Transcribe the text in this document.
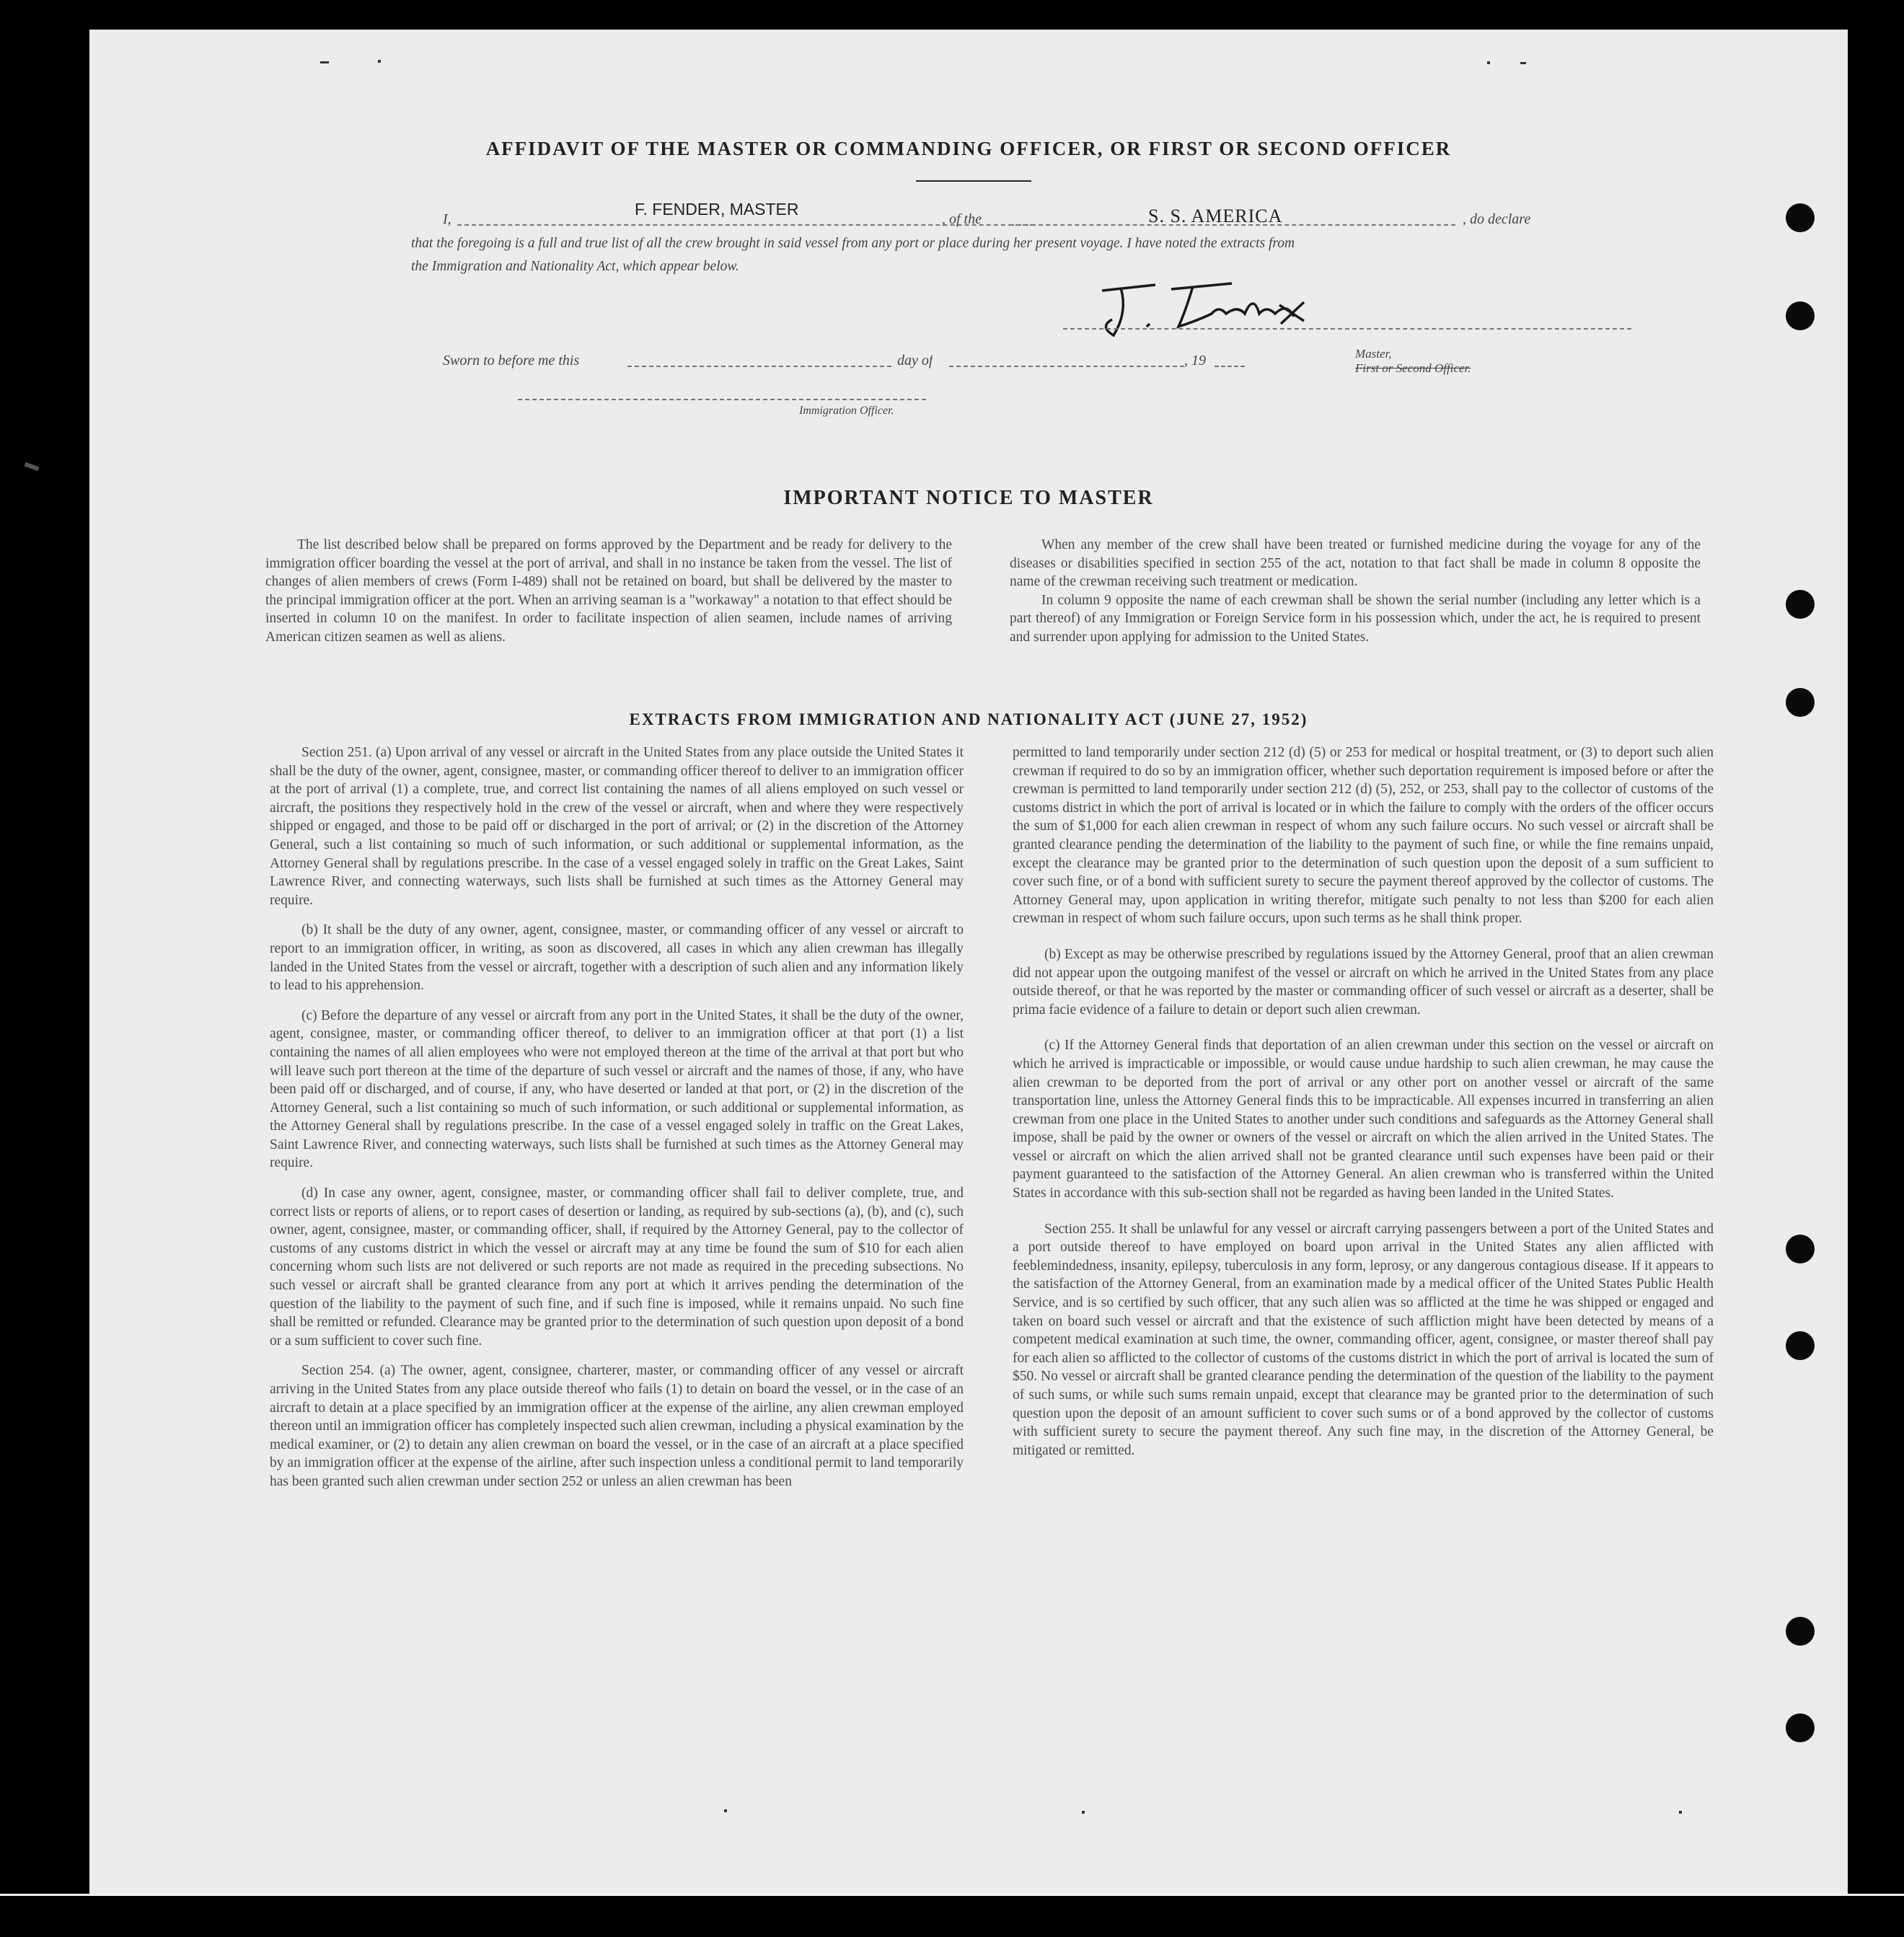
AFFIDAVIT OF THE MASTER OR COMMANDING OFFICER, OR FIRST OR SECOND OFFICER
I,
F. FENDER, MASTER
, of the	S. S. AMERICA	, do declare
that the foregoing is a full and true list of all the crew brought in said vessel from any port or place during her present voyage. I have noted the extracts from
the Immigration and Nationality Act, which appear below.

Master,
First or Second Officer.

Sworn to before me this	day of	, 19
Immigration Officer.
IMPORTANT NOTICE TO MASTER

The list described below shall be prepared on forms approved by the Department and be ready for delivery to the immigration officer boarding the vessel at the port of arrival, and shall in no instance be taken from the vessel. The list of changes of alien members of crews (Form I-489) shall not be retained on board, but shall be delivered by the master to the principal immigration officer at the port. When an arriving seaman is a "workaway" a notation to that effect should be inserted in column 10 on the manifest. In order to facilitate inspection of alien seamen, include names of arriving American citizen seamen as well as aliens.

When any member of the crew shall have been treated or furnished medicine during the voyage for any of the diseases or disabilities specified in section 255 of the act, notation to that fact shall be made in column 8 opposite the name of the crewman receiving such treatment or medication.

In column 9 opposite the name of each crewman shall be shown the serial number (including any letter which is a part thereof) of any Immigration or Foreign Service form in his possession which, under the act, he is required to present and surrender upon applying for admission to the United States.

EXTRACTS FROM IMMIGRATION AND NATIONALITY ACT (JUNE 27, 1952)

Section 251. (a) Upon arrival of any vessel or aircraft in the United States from any place outside the United States it shall be the duty of the owner, agent, consignee, master, or commanding officer thereof to deliver to an immigration officer at the port of arrival (1) a complete, true, and correct list containing the names of all aliens employed on such vessel or aircraft, the positions they respectively hold in the crew of the vessel or aircraft, when and where they were respectively shipped or engaged, and those to be paid off or discharged in the port of arrival; or (2) in the discretion of the Attorney General, such a list containing so much of such information, or such additional or supplemental information, as the Attorney General shall by regulations prescribe. In the case of a vessel engaged solely in traffic on the Great Lakes, Saint Lawrence River, and connecting waterways, such lists shall be furnished at such times as the Attorney General may require.

(b) It shall be the duty of any owner, agent, consignee, master, or commanding officer of any vessel or aircraft to report to an immigration officer, in writing, as soon as discovered, all cases in which any alien crewman has illegally landed in the United States from the vessel or aircraft, together with a description of such alien and any information likely to lead to his apprehension.

(c) Before the departure of any vessel or aircraft from any port in the United States, it shall be the duty of the owner, agent, consignee, master, or commanding officer thereof, to deliver to an immigration officer at that port (1) a list containing the names of all alien employees who were not employed thereon at the time of the arrival at that port but who will leave such port thereon at the time of the departure of such vessel or aircraft and the names of those, if any, who have been paid off or discharged, and of course, if any, who have deserted or landed at that port, or (2) in the discretion of the Attorney General, such a list containing so much of such information, or such additional or supplemental information, as the Attorney General shall by regulations prescribe. In the case of a vessel engaged solely in traffic on the Great Lakes, Saint Lawrence River, and connecting waterways, such lists shall be furnished at such times as the Attorney General may require.

(d) In case any owner, agent, consignee, master, or commanding officer shall fail to deliver complete, true, and correct lists or reports of aliens, or to report cases of desertion or landing, as required by sub-sections (a), (b), and (c), such owner, agent, consignee, master, or commanding officer, shall, if required by the Attorney General, pay to the collector of customs of any customs district in which the vessel or aircraft may at any time be found the sum of $10 for each alien concerning whom such lists are not delivered or such reports are not made as required in the preceding subsections. No such vessel or aircraft shall be granted clearance from any port at which it arrives pending the determination of the question of the liability to the payment of such fine, and if such fine is imposed, while it remains unpaid. No such fine shall be remitted or refunded. Clearance may be granted prior to the determination of such question upon deposit of a bond or a sum sufficient to cover such fine.

Section 254. (a) The owner, agent, consignee, charterer, master, or commanding officer of any vessel or aircraft arriving in the United States from any place outside thereof who fails (1) to detain on board the vessel, or in the case of an aircraft to detain at a place specified by an immigration officer at the expense of the airline, any alien crewman employed thereon until an immigration officer has completely inspected such alien crewman, including a physical examination by the medical examiner, or (2) to detain any alien crewman on board the vessel, or in the case of an aircraft at a place specified by an immigration officer at the expense of the airline, after such inspection unless a conditional permit to land temporarily has been granted such alien crewman under section 252 or unless an alien crewman has been

permitted to land temporarily under section 212 (d) (5) or 253 for medical or hospital treatment, or (3) to deport such alien crewman if required to do so by an immigration officer, whether such deportation requirement is imposed before or after the crewman is permitted to land temporarily under section 212 (d) (5), 252, or 253, shall pay to the collector of customs of the customs district in which the port of arrival is located or in which the failure to comply with the orders of the officer occurs the sum of $1,000 for each alien crewman in respect of whom any such failure occurs. No such vessel or aircraft shall be granted clearance pending the determination of the liability to the payment of such fine, or while the fine remains unpaid, except the clearance may be granted prior to the determination of such question upon the deposit of a sum sufficient to cover such fine, or of a bond with sufficient surety to secure the payment thereof approved by the collector of customs. The Attorney General may, upon application in writing therefor, mitigate such penalty to not less than $200 for each alien crewman in respect of whom such failure occurs, upon such terms as he shall think proper.

(b) Except as may be otherwise prescribed by regulations issued by the Attorney General, proof that an alien crewman did not appear upon the outgoing manifest of the vessel or aircraft on which he arrived in the United States from any place outside thereof, or that he was reported by the master or commanding officer of such vessel or aircraft as a deserter, shall be prima facie evidence of a failure to detain or deport such alien crewman.

(c) If the Attorney General finds that deportation of an alien crewman under this section on the vessel or aircraft on which he arrived is impracticable or impossible, or would cause undue hardship to such alien crewman, he may cause the alien crewman to be deported from the port of arrival or any other port on another vessel or aircraft of the same transportation line, unless the Attorney General finds this to be impracticable. All expenses incurred in transferring an alien crewman from one place in the United States to another under such conditions and safeguards as the Attorney General shall impose, shall be paid by the owner or owners of the vessel or aircraft on which the alien arrived in the United States. The vessel or aircraft on which the alien arrived shall not be granted clearance until such expenses have been paid or their payment guaranteed to the satisfaction of the Attorney General. An alien crewman who is transferred within the United States in accordance with this sub-section shall not be regarded as having been landed in the United States.

Section 255. It shall be unlawful for any vessel or aircraft carrying passengers between a port of the United States and a port outside thereof to have employed on board upon arrival in the United States any alien afflicted with feeblemindedness, insanity, epilepsy, tuberculosis in any form, leprosy, or any dangerous contagious disease. If it appears to the satisfaction of the Attorney General, from an examination made by a medical officer of the United States Public Health Service, and is so certified by such officer, that any such alien was so afflicted at the time he was shipped or engaged and taken on board such vessel or aircraft and that the existence of such affliction might have been detected by means of a competent medical examination at such time, the owner, commanding officer, agent, consignee, or master thereof shall pay for each alien so afflicted to the collector of customs of the customs district in which the port of arrival is located the sum of $50. No vessel or aircraft shall be granted clearance pending the determination of the question of the liability to the payment of such sums, or while such sums remain unpaid, except that clearance may be granted prior to the determination of such question upon the deposit of an amount sufficient to cover such sums or of a bond approved by the collector of customs with sufficient surety to secure the payment thereof. Any such fine may, in the discretion of the Attorney General, be mitigated or remitted.
